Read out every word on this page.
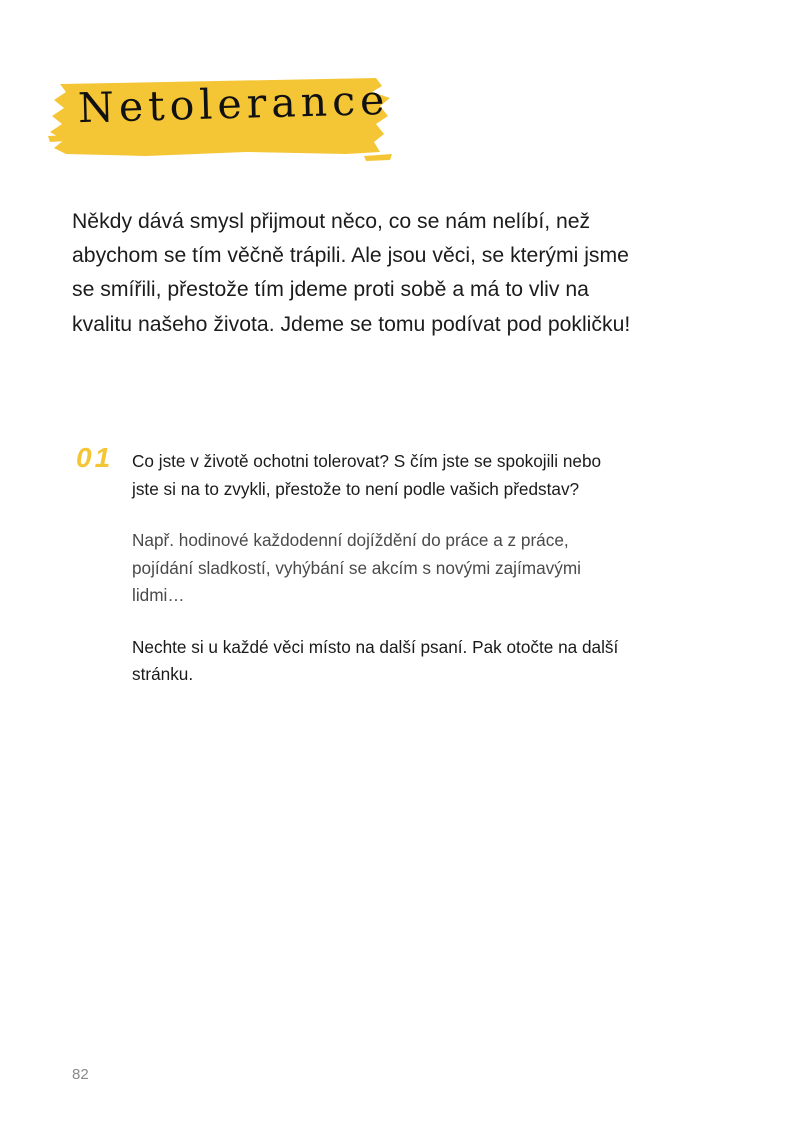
Netolerance

Někdy dává smysl přijmout něco, co se nám nelíbí, než abychom se tím věčně trápili. Ale jsou věci, se kterými jsme se smířili, přestože tím jdeme proti sobě a má to vliv na kvalitu našeho života. Jdeme se tomu podívat pod pokličku!

01 Co jste v životě ochotni tolerovat? S čím jste se spokojili nebo jste si na to zvykli, přestože to není podle vašich představ?

Např. hodinové každodenní dojíždění do práce a z práce, pojídání sladkostí, vyhýbání se akcím s novými zajímavými lidmi…

Nechte si u každé věci místo na další psaní. Pak otočte na další stránku.

82
